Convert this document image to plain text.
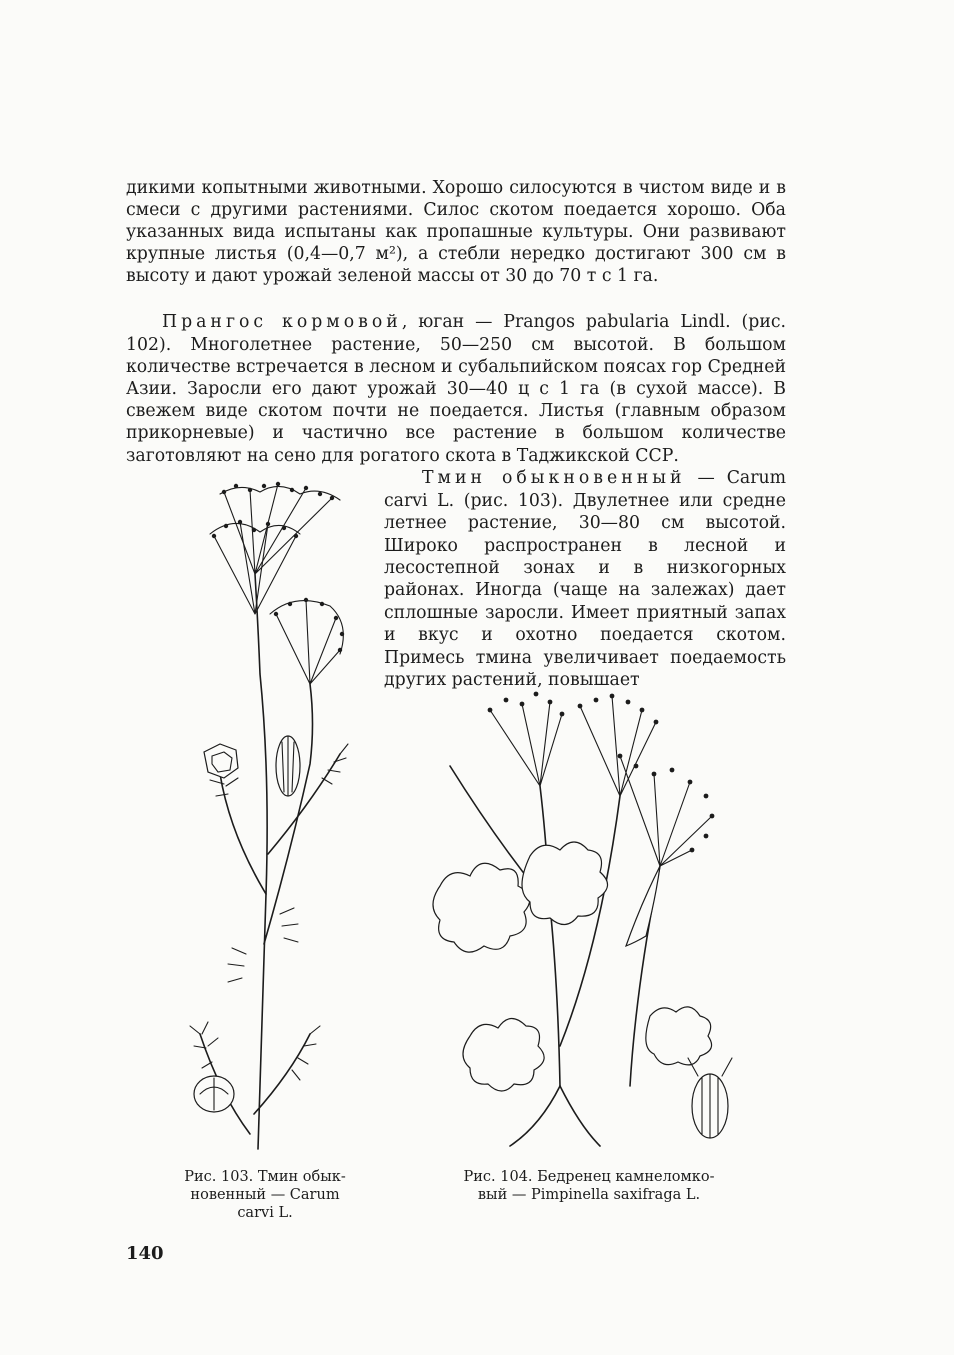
дикими копытными животными. Хорошо силосуются в чистом виде и в смеси с другими растениями. Силос скотом поедается хорошо. Оба указанных вида испытаны как пропашные культуры. Они развивают крупные листья (0,4—0,7 м²), а стебли нередко достигают 300 см в высоту и дают урожай зеленой массы от 30 до 70 т с 1 га.

Прангос кормовой, юган — Prangos pabularia Lindl. (рис. 102). Многолетнее растение, 50—250 см высотой. В большом количестве встречается в лесном и субальпийском поясах гор Средней Азии. Заросли его дают урожай 30—40 ц с 1 га (в сухой массе). В свежем виде скотом почти не поедается. Листья (главным образом прикорневые) и частично все растение в большом количестве заготовляют на сено для рогатого скота в Таджикской ССР.

Тмин обыкновенный — Carum carvi L. (рис. 103). Двулетнее или средне летнее растение, 30—80 см высотой. Широко распространен в лесной и лесостепной зонах и в низкогорных районах. Иногда (чаще на залежах) дает сплошные заросли. Имеет приятный запах и вкус и охотно поедается скотом. Примесь тмина увеличивает поедаемость других растений, повышает

Рис. 103. Тмин обык-
новенный — Carum
carvi L.
Рис. 104. Бедренец камнеломко-
вый — Pimpinella saxifraga L.
140
